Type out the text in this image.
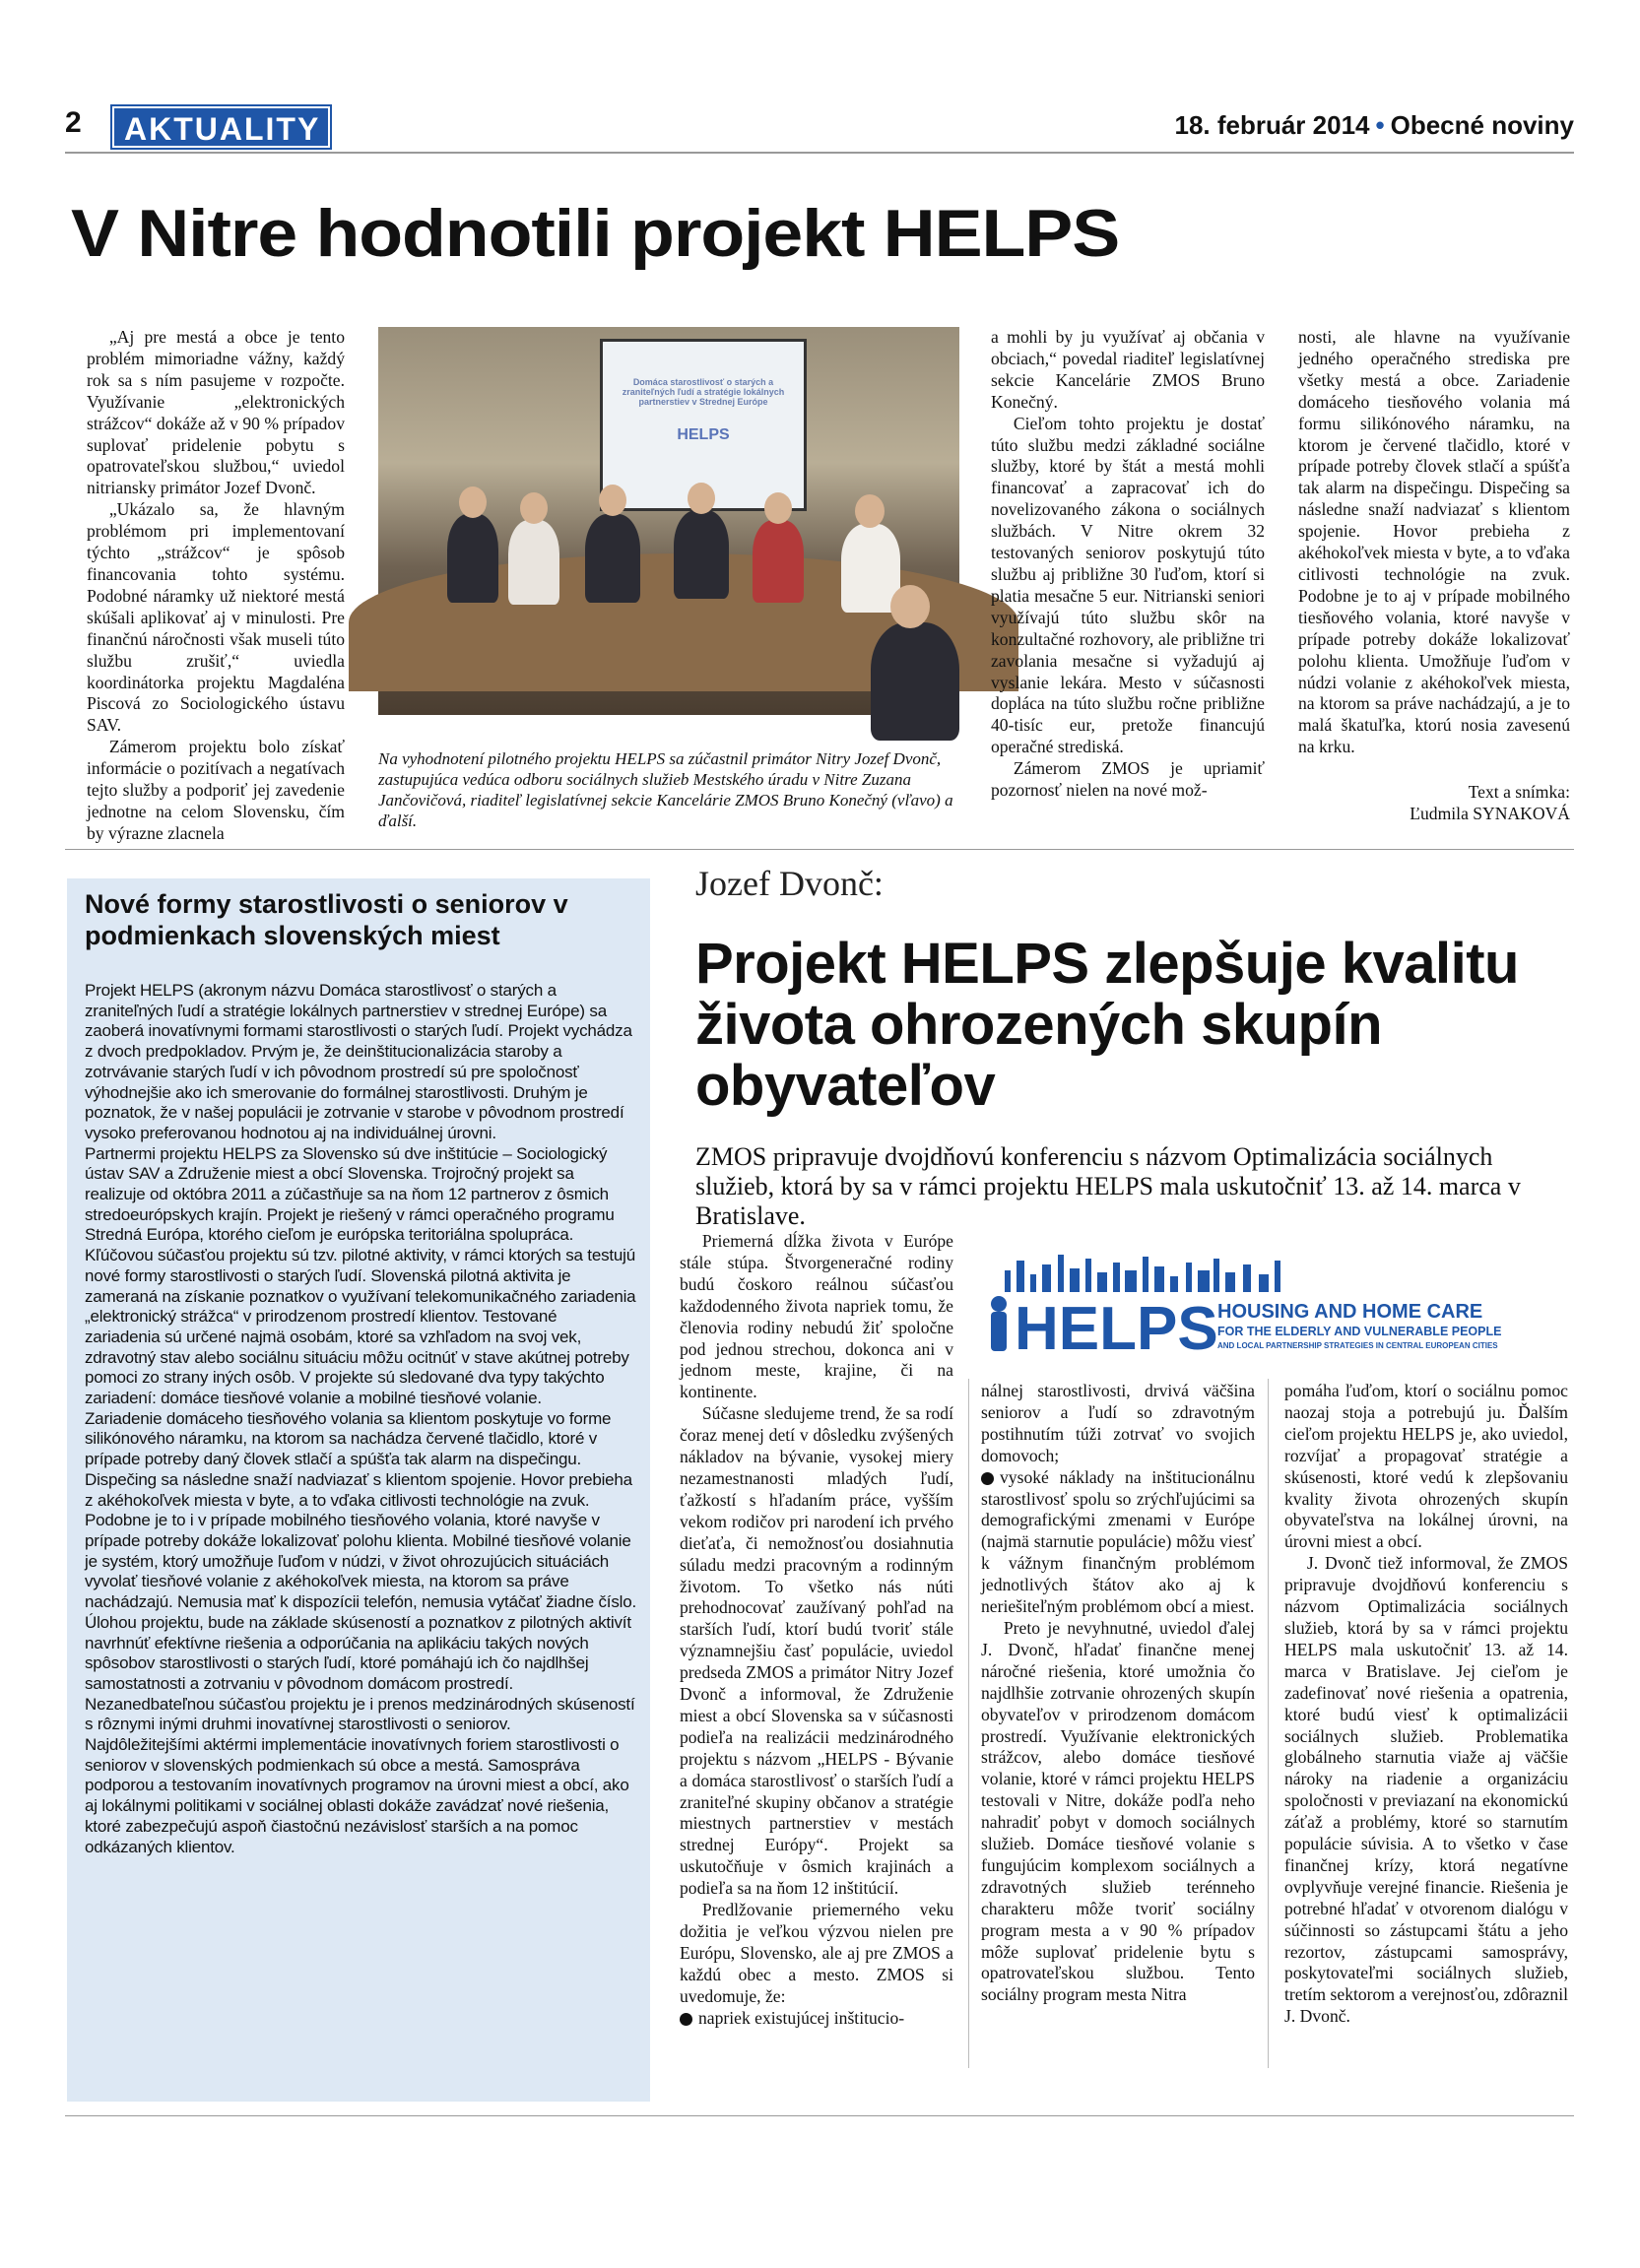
2	AKTUALITY	18. február 2014 • Obecné noviny
V Nitre hodnotili projekt HELPS

„Aj pre mestá a obce je tento problém mimoriadne vážny, každý rok sa s ním pasujeme v rozpočte. Využívanie „elektronických strážcov“ dokáže až v 90 % prípadov suplovať pridelenie pobytu s opatrovateľskou službou,“ uviedol nitriansky primátor Jozef Dvonč.

„Ukázalo sa, že hlavným problémom pri implementovaní týchto „strážcov“ je spôsob financovania tohto systému. Podobné náramky už niektoré mestá skúšali aplikovať aj v minulosti. Pre finančnú náročnosti však museli túto službu zrušiť,“ uviedla koordinátorka projektu Magdaléna Piscová zo Sociologického ústavu SAV.

Zámerom projektu bolo získať informácie o pozitívach a negatívach tejto služby a podporiť jej zavedenie jednotne na celom Slovensku, čím by výrazne zlacnela

Domáca starostlivosť o starých a zraniteľných ľudí a stratégie lokálnych partnerstiev v Strednej Európe
HELPS
Na vyhodnotení pilotného projektu HELPS sa zúčastnil primátor Nitry Jozef Dvonč, zastupujúca vedúca odboru sociálnych služieb Mestského úradu v Nitre Zuzana Jančovičová, riaditeľ legislatívnej sekcie Kancelárie ZMOS Bruno Konečný (vľavo) a ďalší.

a mohli by ju využívať aj občania v obciach,“ povedal riaditeľ legislatívnej sekcie Kancelárie ZMOS Bruno Konečný.

Cieľom tohto projektu je dostať túto službu medzi základné sociálne služby, ktoré by štát a mestá mohli financovať a zapracovať ich do novelizovaného zákona o sociálnych službách. V Nitre okrem 32 testovaných seniorov poskytujú túto službu aj približne 30 ľuďom, ktorí si platia mesačne 5 eur. Nitrianski seniori využívajú túto službu skôr na konzultačné rozhovory, ale približne tri zavolania mesačne si vyžadujú aj vyslanie lekára. Mesto v súčasnosti dopláca na túto službu ročne približne 40-tisíc eur, pretože financujú operačné strediská.

Zámerom ZMOS je upriamiť pozornosť nielen na nové mož-

nosti, ale hlavne na využívanie jedného operačného strediska pre všetky mestá a obce. Zariadenie domáceho tiesňového volania má formu silikónového náramku, na ktorom je červené tlačidlo, ktoré v prípade potreby človek stlačí a spúšťa tak alarm na dispečingu. Dispečing sa následne snaží nadviazať s klientom spojenie. Hovor prebieha z akéhokoľvek miesta v byte, a to vďaka citlivosti technológie na zvuk. Podobne je to aj v prípade mobilného tiesňového volania, ktoré navyše v prípade potreby dokáže lokalizovať polohu klienta. Umožňuje ľuďom v núdzi volanie z akéhokoľvek miesta, na ktorom sa práve nachádzajú, a je to malá škatuľka, ktorú nosia zavesenú na krku.

Text a snímka:
Ľudmila SYNAKOVÁ
Nové formy starostlivosti o seniorov v podmienkach slovenských miest

Projekt HELPS (akronym názvu Domáca starostlivosť o starých a zraniteľných ľudí a stratégie lokálnych partnerstiev v strednej Európe) sa zaoberá inovatívnymi formami starostlivosti o starých ľudí. Projekt vychádza z dvoch predpokladov. Prvým je, že deinštitucionalizácia staroby a zotrvávanie starých ľudí v ich pôvodnom prostredí sú pre spoločnosť výhodnejšie ako ich smerovanie do formálnej starostlivosti. Druhým je poznatok, že v našej populácii je zotrvanie v starobe v pôvodnom prostredí vysoko preferovanou hodnotou aj na individuálnej úrovni.

Partnermi projektu HELPS za Slovensko sú dve inštitúcie – Sociologický ústav SAV a Združenie miest a obcí Slovenska. Trojročný projekt sa realizuje od októbra 2011 a zúčastňuje sa na ňom 12 partnerov z ôsmich stredoeurópskych krajín. Projekt je riešený v rámci operačného programu Stredná Európa, ktorého cieľom je európska teritoriálna spolupráca.

Kľúčovou súčasťou projektu sú tzv. pilotné aktivity, v rámci ktorých sa testujú nové formy starostlivosti o starých ľudí. Slovenská pilotná aktivita je zameraná na získanie poznatkov o využívaní telekomunikačného zariadenia „elektronický strážca“ v prirodzenom prostredí klientov. Testované zariadenia sú určené najmä osobám, ktoré sa vzhľadom na svoj vek, zdravotný stav alebo sociálnu situáciu môžu ocitnúť v stave akútnej potreby pomoci zo strany iných osôb. V projekte sú sledované dva typy takýchto zariadení: domáce tiesňové volanie a mobilné tiesňové volanie.

Zariadenie domáceho tiesňového volania sa klientom poskytuje vo forme silikónového náramku, na ktorom sa nachádza červené tlačidlo, ktoré v prípade potreby daný človek stlačí a spúšťa tak alarm na dispečingu. Dispečing sa následne snaží nadviazať s klientom spojenie. Hovor prebieha z akéhokoľvek miesta v byte, a to vďaka citlivosti technológie na zvuk.

Podobne je to i v prípade mobilného tiesňového volania, ktoré navyše v prípade potreby dokáže lokalizovať polohu klienta. Mobilné tiesňové volanie je systém, ktorý umožňuje ľuďom v núdzi, v život ohrozujúcich situáciách vyvolať tiesňové volanie z akéhokoľvek miesta, na ktorom sa práve nachádzajú. Nemusia mať k dispozícii telefón, nemusia vytáčať žiadne číslo.

Úlohou projektu, bude na základe skúseností a poznatkov z pilotných aktivít navrhnúť efektívne riešenia a odporúčania na aplikáciu takých nových spôsobov starostlivosti o starých ľudí, ktoré pomáhajú ich čo najdlhšej samostatnosti a zotrvaniu v pôvodnom domácom prostredí. Nezanedbateľnou súčasťou projektu je i prenos medzinárodných skúseností s rôznymi inými druhmi inovatívnej starostlivosti o seniorov.

Najdôležitejšími aktérmi implementácie inovatívnych foriem starostlivosti o seniorov v slovenských podmienkach sú obce a mestá. Samospráva podporou a testovaním inovatívnych programov na úrovni miest a obcí, ako aj lokálnymi politikami v sociálnej oblasti dokáže zavádzať nové riešenia, ktoré zabezpečujú aspoň čiastočnú nezávislosť starších a na pomoc odkázaných klientov.

Jozef Dvonč:
Projekt HELPS zlepšuje kvalitu života ohrozených skupín obyvateľov
ZMOS pripravuje dvojdňovú konferenciu s názvom Optimalizácia sociálnych služieb, ktorá by sa v rámci projektu HELPS mala uskutočniť 13. až 14. marca v Bratislave.
HELPS HOUSING AND HOME CARE
FOR THE ELDERLY AND VULNERABLE PEOPLE
AND LOCAL PARTNERSHIP STRATEGIES IN CENTRAL EUROPEAN CITIES

Priemerná dĺžka života v Európe stále stúpa. Štvorgeneračné rodiny budú čoskoro reálnou súčasťou každodenného života napriek tomu, že členovia rodiny nebudú žiť spoločne pod jednou strechou, dokonca ani v jednom meste, krajine, či na kontinente.

Súčasne sledujeme trend, že sa rodí čoraz menej detí v dôsledku zvýšených nákladov na bývanie, vysokej miery nezamestnanosti mladých ľudí, ťažkostí s hľadaním práce, vyšším vekom rodičov pri narodení ich prvého dieťaťa, či nemožnosťou dosiahnutia súladu medzi pracovným a rodinným životom. To všetko nás núti prehodnocovať zaužívaný pohľad na starších ľudí, ktorí budú tvoriť stále významnejšiu časť populácie, uviedol predseda ZMOS a primátor Nitry Jozef Dvonč a informoval, že Združenie miest a obcí Slovenska sa v súčasnosti podieľa na realizácii medzinárodného projektu s názvom „HELPS - Bývanie a domáca starostlivosť o starších ľudí a zraniteľné skupiny občanov a stratégie miestnych partnerstiev v mestách strednej Európy“. Projekt sa uskutočňuje v ôsmich krajinách a podieľa sa na ňom 12 inštitúcií.

Predlžovanie priemerného veku dožitia je veľkou výzvou nielen pre Európu, Slovensko, ale aj pre ZMOS a každú obec a mesto. ZMOS si uvedomuje, že:

napriek existujúcej inštitucio-

nálnej starostlivosti, drvivá väčšina seniorov a ľudí so zdravotným postihnutím túži zotrvať vo svojich domovoch;

vysoké náklady na inštitucionálnu starostlivosť spolu so zrýchľujúcimi sa demografickými zmenami v Európe (najmä starnutie populácie) môžu viesť k vážnym finančným problémom jednotlivých štátov ako aj k neriešiteľným problémom obcí a miest.

Preto je nevyhnutné, uviedol ďalej J. Dvonč, hľadať finančne menej náročné riešenia, ktoré umožnia čo najdlhšie zotrvanie ohrozených skupín obyvateľov v prirodzenom domácom prostredí. Využívanie elektronických strážcov, alebo domáce tiesňové volanie, ktoré v rámci projektu HELPS testovali v Nitre, dokáže podľa neho nahradiť pobyt v domoch sociálnych služieb. Domáce tiesňové volanie s fungujúcim komplexom sociálnych a zdravotných služieb terénneho charakteru môže tvoriť sociálny program mesta a v 90 % prípadov môže suplovať pridelenie bytu s opatrovateľskou službou. Tento sociálny program mesta Nitra

pomáha ľuďom, ktorí o sociálnu pomoc naozaj stoja a potrebujú ju. Ďalším cieľom projektu HELPS je, ako uviedol, rozvíjať a propagovať stratégie a skúsenosti, ktoré vedú k zlepšovaniu kvality života ohrozených skupín obyvateľstva na lokálnej úrovni, na úrovni miest a obcí.

J. Dvonč tiež informoval, že ZMOS pripravuje dvojdňovú konferenciu s názvom Optimalizácia sociálnych služieb, ktorá by sa v rámci projektu HELPS mala uskutočniť 13. až 14. marca v Bratislave. Jej cieľom je zadefinovať nové riešenia a opatrenia, ktoré budú viesť k optimalizácii sociálnych služieb. Problematika globálneho starnutia viaže aj väčšie nároky na riadenie a organizáciu spoločnosti v previazaní na ekonomickú záťaž a problémy, ktoré so starnutím populácie súvisia. A to všetko v čase finančnej krízy, ktorá negatívne ovplyvňuje verejné financie. Riešenia je potrebné hľadať v otvorenom dialógu v súčinnosti so zástupcami štátu a jeho rezortov, zástupcami samosprávy, poskytovateľmi sociálnych služieb, tretím sektorom a verejnosťou, zdôraznil J. Dvonč.
